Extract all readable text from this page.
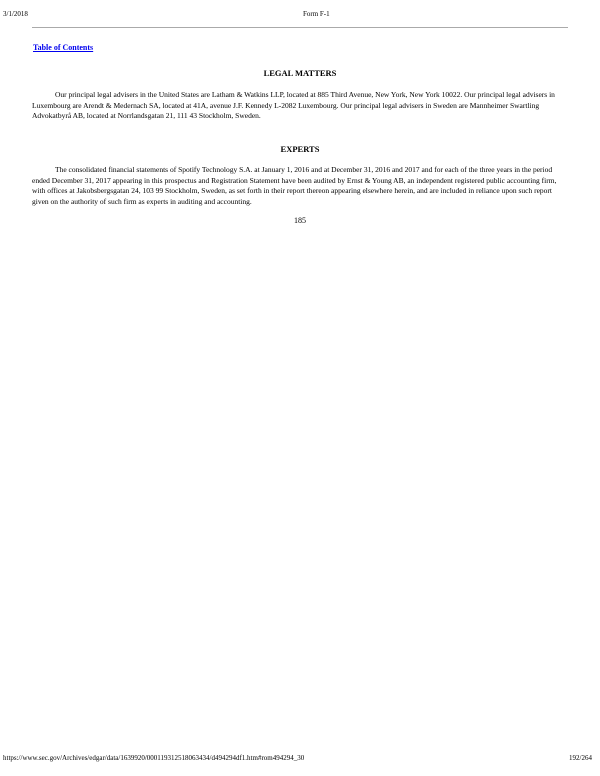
3/1/2018	Form F-1
Table of Contents
LEGAL MATTERS

Our principal legal advisers in the United States are Latham & Watkins LLP, located at 885 Third Avenue, New York, New York 10022. Our principal legal advisers in Luxembourg are Arendt & Medernach SA, located at 41A, avenue J.F. Kennedy L-2082 Luxembourg. Our principal legal advisers in Sweden are Mannheimer Swartling Advokatbyrå AB, located at Norrlandsgatan 21, 111 43 Stockholm, Sweden.

EXPERTS

The consolidated financial statements of Spotify Technology S.A. at January 1, 2016 and at December 31, 2016 and 2017 and for each of the three years in the period ended December 31, 2017 appearing in this prospectus and Registration Statement have been audited by Ernst & Young AB, an independent registered public accounting firm, with offices at Jakobsbergsgatan 24, 103 99 Stockholm, Sweden, as set forth in their report thereon appearing elsewhere herein, and are included in reliance upon such report given on the authority of such firm as experts in auditing and accounting.

185
https://www.sec.gov/Archives/edgar/data/1639920/000119312518063434/d494294df1.htm#rom494294_30	192/264
